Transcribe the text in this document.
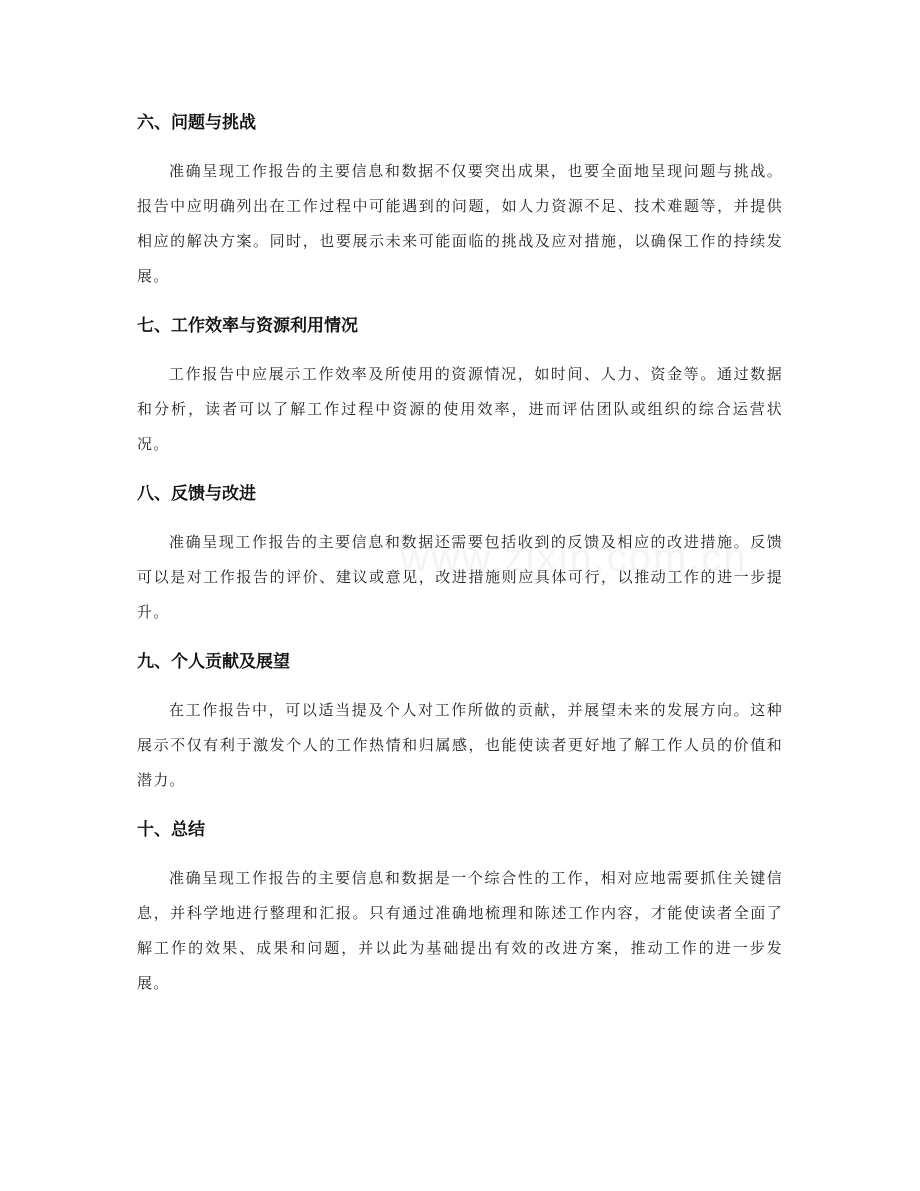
六、问题与挑战

准确呈现工作报告的主要信息和数据不仅要突出成果，也要全面地呈现问题与挑战。报告中应明确列出在工作过程中可能遇到的问题，如人力资源不足、技术难题等，并提供相应的解决方案。同时，也要展示未来可能面临的挑战及应对措施，以确保工作的持续发展。

七、工作效率与资源利用情况

工作报告中应展示工作效率及所使用的资源情况，如时间、人力、资金等。通过数据和分析，读者可以了解工作过程中资源的使用效率，进而评估团队或组织的综合运营状况。

八、反馈与改进

准确呈现工作报告的主要信息和数据还需要包括收到的反馈及相应的改进措施。反馈可以是对工作报告的评价、建议或意见，改进措施则应具体可行，以推动工作的进一步提升。

九、个人贡献及展望

在工作报告中，可以适当提及个人对工作所做的贡献，并展望未来的发展方向。这种展示不仅有利于激发个人的工作热情和归属感，也能使读者更好地了解工作人员的价值和潜力。

十、总结

准确呈现工作报告的主要信息和数据是一个综合性的工作，相对应地需要抓住关键信息，并科学地进行整理和汇报。只有通过准确地梳理和陈述工作内容，才能使读者全面了解工作的效果、成果和问题，并以此为基础提出有效的改进方案，推动工作的进一步发展。
